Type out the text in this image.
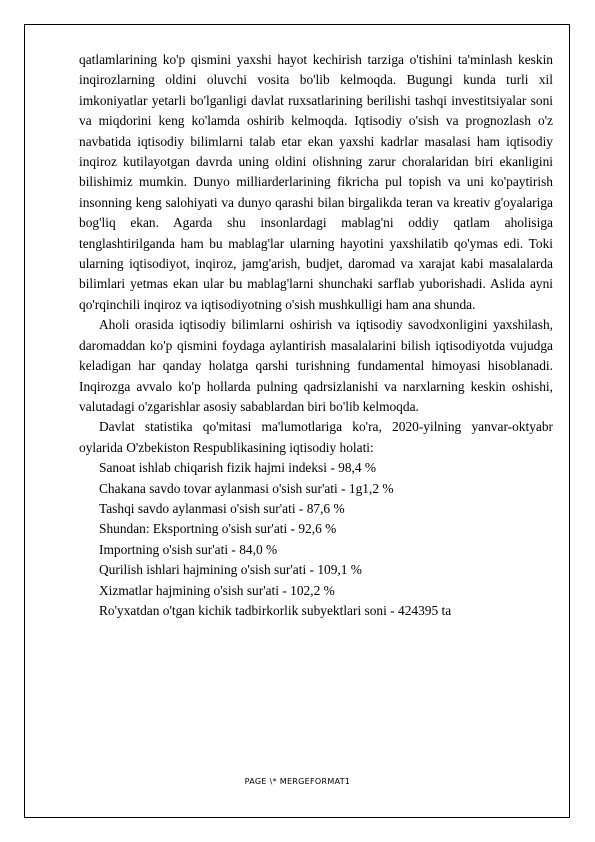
qatlamlarining ko'p qismini yaxshi hayot kechirish tarziga o'tishini ta'minlash keskin inqirozlarning oldini oluvchi vosita bo'lib kelmoqda. Bugungi kunda turli xil imkoniyatlar yetarli bo'lganligi davlat ruxsatlarining berilishi tashqi investitsiyalar soni va miqdorini keng ko'lamda oshirib kelmoqda. Iqtisodiy o'sish va prognozlash o'z navbatida iqtisodiy bilimlarni talab etar ekan yaxshi kadrlar masalasi ham iqtisodiy inqiroz kutilayotgan davrda uning oldini olishning zarur choralaridan biri ekanligini bilishimiz mumkin. Dunyo milliarderlarining fikricha pul topish va uni ko'paytirish insonning keng salohiyati va dunyo qarashi bilan birgalikda teran va kreativ g'oyalariga bog'liq ekan. Agarda shu insonlardagi mablag'ni oddiy qatlam aholisiga tenglashtirilganda ham bu mablag'lar ularning hayotini yaxshilatib qo'ymas edi. Toki ularning iqtisodiyot, inqiroz, jamg'arish, budjet, daromad va xarajat kabi masalalarda bilimlari yetmas ekan ular bu mablag'larni shunchaki sarflab yuborishadi. Aslida ayni qo'rqinchili inqiroz va iqtisodiyotning o'sish mushkulligi ham ana shunda.

Aholi orasida iqtisodiy bilimlarni oshirish va iqtisodiy savodxonligini yaxshilash, daromaddan ko'p qismini foydaga aylantirish masalalarini bilish iqtisodiyotda vujudga keladigan har qanday holatga qarshi turishning fundamental himoyasi hisoblanadi. Inqirozga avvalo ko'p hollarda pulning qadrsizlanishi va narxlarning keskin oshishi, valutadagi o'zgarishlar asosiy sabablardan biri bo'lib kelmoqda.

Davlat statistika qo'mitasi ma'lumotlariga ko'ra, 2020-yilning yanvar-oktyabr oylarida O'zbekiston Respublikasining iqtisodiy holati:

Sanoat ishlab chiqarish fizik hajmi indeksi - 98,4 %

Chakana savdo tovar aylanmasi o'sish sur'ati - 1g1,2 %

Tashqi savdo aylanmasi o'sish sur'ati - 87,6 %

Shundan: Eksportning o'sish sur'ati - 92,6 %

Importning o'sish sur'ati - 84,0 %

Qurilish ishlari hajmining o'sish sur'ati - 109,1 %

Xizmatlar hajmining o'sish sur'ati - 102,2 %

Ro'yxatdan o'tgan kichik tadbirkorlik subyektlari soni - 424395 ta

PAGE \* MERGEFORMAT1
